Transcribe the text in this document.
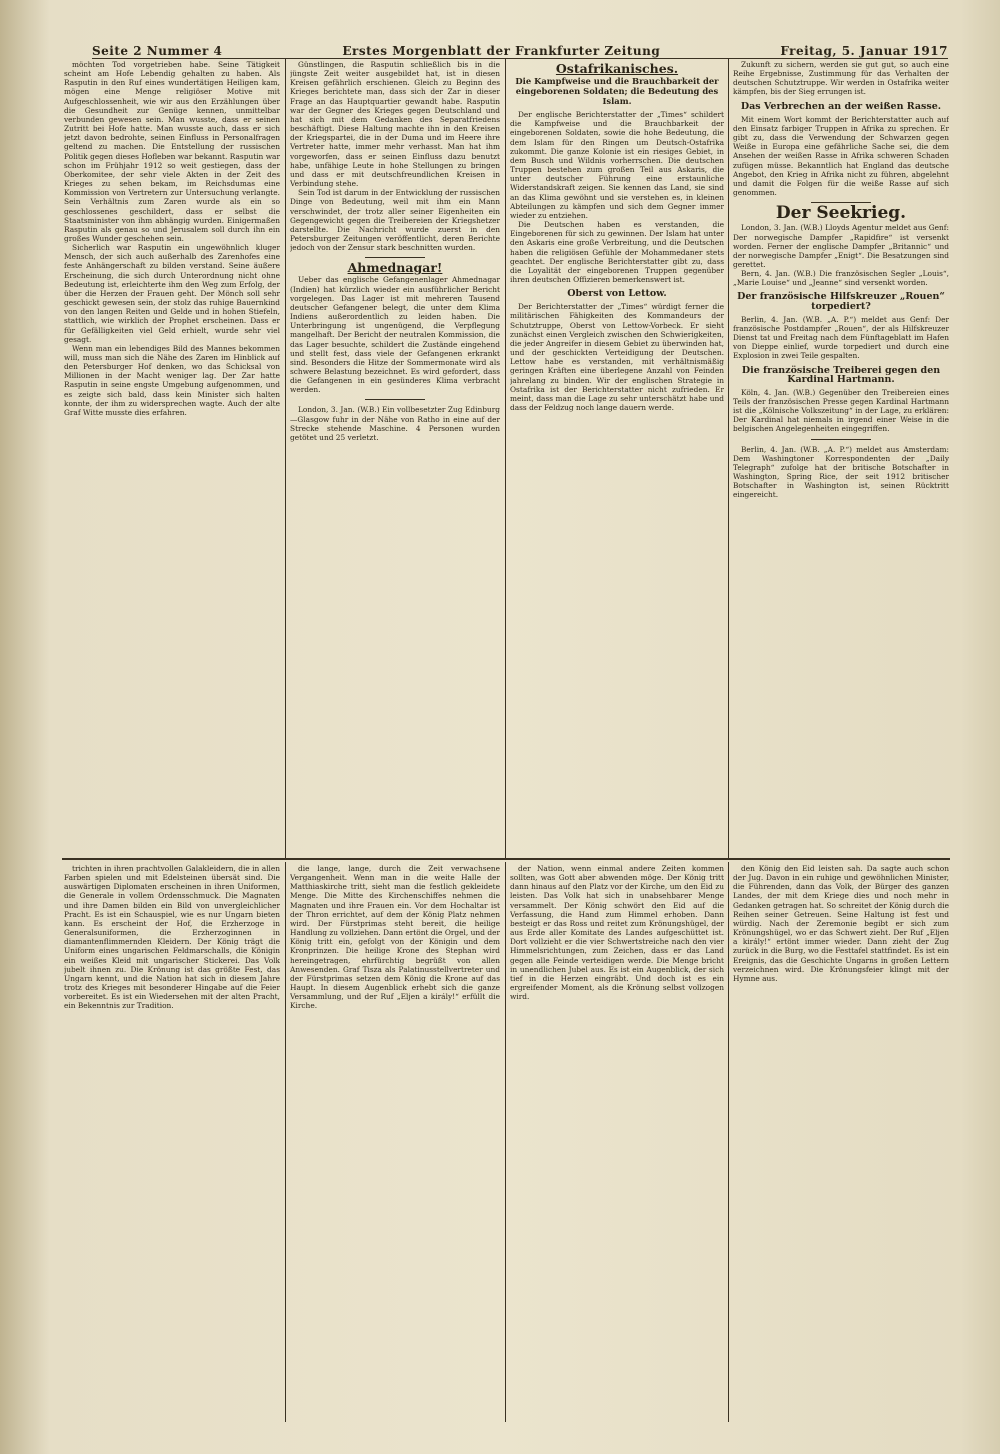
Seite 2 Nummer 4	Erstes Morgenblatt der Frankfurter Zeitung	Freitag, 5. Januar 1917

möchten Tod vorgetrieben habe. Seine Tätigkeit scheint am Hofe Lebendig gehalten zu haben. Als Rasputin in den Ruf eines wundertätigen Heiligen kam, mögen eine Menge religiöser Motive mit Aufgeschlossenheit, wie wir aus den Erzählungen über die Gesundheit zur Genüge kennen, unmittelbar verbunden gewesen sein. Man wusste, dass er seinen Zutritt bei Hofe hatte. Man wusste auch, dass er sich jetzt davon bedrohte, seinen Einfluss in Personalfragen geltend zu machen. Die Entstellung der russischen Politik gegen dieses Hofleben war bekannt. Rasputin war schon im Frühjahr 1912 so weit gestiegen, dass der Oberkomitee, der sehr viele Akten in der Zeit des Krieges zu sehen bekam, im Reichsdumas eine Kommission von Vertretern zur Untersuchung verlangte. Sein Verhältnis zum Zaren wurde als ein so geschlossenes geschildert, dass er selbst die Staatsminister von ihm abhängig wurden. Einigermaßen Rasputin als genau so und Jerusalem soll durch ihn ein großes Wunder geschehen sein.

Sicherlich war Rasputin ein ungewöhnlich kluger Mensch, der sich auch außerhalb des Zarenhofes eine feste Anhängerschaft zu bilden verstand. Seine äußere Erscheinung, die sich durch Unterordnung nicht ohne Bedeutung ist, erleichterte ihm den Weg zum Erfolg, der über die Herzen der Frauen geht. Der Mönch soll sehr geschickt gewesen sein, der stolz das ruhige Bauernkind von den langen Reiten und Gelde und in hohen Stiefeln, stattlich, wie wirklich der Prophet erscheinen. Dass er für Gefälligkeiten viel Geld erhielt, wurde sehr viel gesagt.

Wenn man ein lebendiges Bild des Mannes bekommen will, muss man sich die Nähe des Zaren im Hinblick auf den Petersburger Hof denken, wo das Schicksal von Millionen in der Macht weniger lag. Der Zar hatte Rasputin in seine engste Umgebung aufgenommen, und es zeigte sich bald, dass kein Minister sich halten konnte, der ihm zu widersprechen wagte. Auch der alte Graf Witte musste dies erfahren.

Günstlingen, die Rasputin schließlich bis in die jüngste Zeit weiter ausgebildet hat, ist in diesen Kreisen gefährlich erschienen. Gleich zu Beginn des Krieges berichtete man, dass sich der Zar in dieser Frage an das Hauptquartier gewandt habe. Rasputin war der Gegner des Krieges gegen Deutschland und hat sich mit dem Gedanken des Separatfriedens beschäftigt. Diese Haltung machte ihn in den Kreisen der Kriegspartei, die in der Duma und im Heere ihre Vertreter hatte, immer mehr verhasst. Man hat ihm vorgeworfen, dass er seinen Einfluss dazu benutzt habe, unfähige Leute in hohe Stellungen zu bringen und dass er mit deutschfreundlichen Kreisen in Verbindung stehe.

Sein Tod ist darum in der Entwicklung der russischen Dinge von Bedeutung, weil mit ihm ein Mann verschwindet, der trotz aller seiner Eigenheiten ein Gegengewicht gegen die Treibereien der Kriegshetzer darstellte. Die Nachricht wurde zuerst in den Petersburger Zeitungen veröffentlicht, deren Berichte jedoch von der Zensur stark beschnitten wurden.

Ahmednagar!

Ueber das englische Gefangenenlager Ahmednagar (Indien) hat kürzlich wieder ein ausführlicher Bericht vorgelegen. Das Lager ist mit mehreren Tausend deutscher Gefangener belegt, die unter dem Klima Indiens außerordentlich zu leiden haben. Die Unterbringung ist ungenügend, die Verpflegung mangelhaft. Der Bericht der neutralen Kommission, die das Lager besuchte, schildert die Zustände eingehend und stellt fest, dass viele der Gefangenen erkrankt sind. Besonders die Hitze der Sommermonate wird als schwere Belastung bezeichnet. Es wird gefordert, dass die Gefangenen in ein gesünderes Klima verbracht werden.

London, 3. Jan. (W.B.) Ein vollbesetzter Zug Edinburg—Glasgow fuhr in der Nähe von Ratho in eine auf der Strecke stehende Maschine. 4 Personen wurden getötet und 25 verletzt.

Ostafrikanisches.
Die Kampfweise und die Brauchbarkeit der eingeborenen Soldaten; die Bedeutung des Islam.

Der englische Berichterstatter der „Times“ schildert die Kampfweise und die Brauchbarkeit der eingeborenen Soldaten, sowie die hohe Bedeutung, die dem Islam für den Ringen um Deutsch-Ostafrika zukommt. Die ganze Kolonie ist ein riesiges Gebiet, in dem Busch und Wildnis vorherrschen. Die deutschen Truppen bestehen zum großen Teil aus Askaris, die unter deutscher Führung eine erstaunliche Widerstandskraft zeigen. Sie kennen das Land, sie sind an das Klima gewöhnt und sie verstehen es, in kleinen Abteilungen zu kämpfen und sich dem Gegner immer wieder zu entziehen.

Die Deutschen haben es verstanden, die Eingeborenen für sich zu gewinnen. Der Islam hat unter den Askaris eine große Verbreitung, und die Deutschen haben die religiösen Gefühle der Mohammedaner stets geachtet. Der englische Berichterstatter gibt zu, dass die Loyalität der eingeborenen Truppen gegenüber ihren deutschen Offizieren bemerkenswert ist.

Oberst von Lettow.

Der Berichterstatter der „Times“ würdigt ferner die militärischen Fähigkeiten des Kommandeurs der Schutztruppe, Oberst von Lettow-Vorbeck. Er sieht zunächst einen Vergleich zwischen den Schwierigkeiten, die jeder Angreifer in diesem Gebiet zu überwinden hat, und der geschickten Verteidigung der Deutschen. Lettow habe es verstanden, mit verhältnismäßig geringen Kräften eine überlegene Anzahl von Feinden jahrelang zu binden. Wir der englischen Strategie in Ostafrika ist der Berichterstatter nicht zufrieden. Er meint, dass man die Lage zu sehr unterschätzt habe und dass der Feldzug noch lange dauern werde.

Zukunft zu sichern, werden sie gut gut, so auch eine Reihe Ergebnisse, Zustimmung für das Verhalten der deutschen Schutztruppe. Wir werden in Ostafrika weiter kämpfen, bis der Sieg errungen ist.

Das Verbrechen an der weißen Rasse.

Mit einem Wort kommt der Berichterstatter auch auf den Einsatz farbiger Truppen in Afrika zu sprechen. Er gibt zu, dass die Verwendung der Schwarzen gegen Weiße in Europa eine gefährliche Sache sei, die dem Ansehen der weißen Rasse in Afrika schweren Schaden zufügen müsse. Bekanntlich hat England das deutsche Angebot, den Krieg in Afrika nicht zu führen, abgelehnt und damit die Folgen für die weiße Rasse auf sich genommen.

Der Seekrieg.

London, 3. Jan. (W.B.) Lloyds Agentur meldet aus Genf: Der norwegische Dampfer „Rapidfire“ ist versenkt worden. Ferner der englische Dampfer „Britannic“ und der norwegische Dampfer „Enigt“. Die Besatzungen sind gerettet.

Bern, 4. Jan. (W.B.) Die französischen Segler „Louis“, „Marie Louise“ und „Jeanne“ sind versenkt worden.

Der französische Hilfskreuzer „Rouen“ torpediert?

Berlin, 4. Jan. (W.B. „A. P.“) meldet aus Genf: Der französische Postdampfer „Rouen“, der als Hilfskreuzer Dienst tat und Freitag nach dem Fünftageblatt im Hafen von Dieppe einlief, wurde torpediert und durch eine Explosion in zwei Teile gespalten.

Die französische Treiberei gegen den Kardinal Hartmann.

Köln, 4. Jan. (W.B.) Gegenüber den Treibereien eines Teils der französischen Presse gegen Kardinal Hartmann ist die „Kölnische Volkszeitung“ in der Lage, zu erklären: Der Kardinal hat niemals in irgend einer Weise in die belgischen Angelegenheiten eingegriffen.

Berlin, 4. Jan. (W.B. „A. P.“) meldet aus Amsterdam: Dem Washingtoner Korrespondenten der „Daily Telegraph“ zufolge hat der britische Botschafter in Washington, Spring Rice, der seit 1912 britischer Botschafter in Washington ist, seinen Rücktritt eingereicht.

trichten in ihren prachtvollen Galakleidern, die in allen Farben spielen und mit Edelsteinen übersät sind. Die auswärtigen Diplomaten erscheinen in ihren Uniformen, die Generale in vollem Ordensschmuck. Die Magnaten und ihre Damen bilden ein Bild von unvergleichlicher Pracht. Es ist ein Schauspiel, wie es nur Ungarn bieten kann. Es erscheint der Hof, die Erzherzoge in Generalsuniformen, die Erzherzoginnen in diamantenflimmernden Kleidern. Der König trägt die Uniform eines ungarischen Feldmarschalls, die Königin ein weißes Kleid mit ungarischer Stickerei. Das Volk jubelt ihnen zu. Die Krönung ist das größte Fest, das Ungarn kennt, und die Nation hat sich in diesem Jahre trotz des Krieges mit besonderer Hingabe auf die Feier vorbereitet. Es ist ein Wiedersehen mit der alten Pracht, ein Bekenntnis zur Tradition.

die lange, lange, durch die Zeit verwachsene Vergangenheit. Wenn man in die weite Halle der Matthiaskirche tritt, sieht man die festlich gekleidete Menge. Die Mitte des Kirchenschiffes nehmen die Magnaten und ihre Frauen ein. Vor dem Hochaltar ist der Thron errichtet, auf dem der König Platz nehmen wird. Der Fürstprimas steht bereit, die heilige Handlung zu vollziehen. Dann ertönt die Orgel, und der König tritt ein, gefolgt von der Königin und dem Kronprinzen. Die heilige Krone des Stephan wird hereingetragen, ehrfürchtig begrüßt von allen Anwesenden. Graf Tisza als Palatinusstellvertreter und der Fürstprimas setzen dem König die Krone auf das Haupt. In diesem Augenblick erhebt sich die ganze Versammlung, und der Ruf „Eljen a király!“ erfüllt die Kirche.

der Nation, wenn einmal andere Zeiten kommen sollten, was Gott aber abwenden möge. Der König tritt dann hinaus auf den Platz vor der Kirche, um den Eid zu leisten. Das Volk hat sich in unabsehbarer Menge versammelt. Der König schwört den Eid auf die Verfassung, die Hand zum Himmel erhoben. Dann besteigt er das Ross und reitet zum Krönungshügel, der aus Erde aller Komitate des Landes aufgeschüttet ist. Dort vollzieht er die vier Schwertstreiche nach den vier Himmelsrichtungen, zum Zeichen, dass er das Land gegen alle Feinde verteidigen werde. Die Menge bricht in unendlichen Jubel aus. Es ist ein Augenblick, der sich tief in die Herzen eingräbt. Und doch ist es ein ergreifender Moment, als die Krönung selbst vollzogen wird.

den König den Eid leisten sah. Da sagte auch schon der Jug. Davon in ein ruhige und gewöhnlichen Minister, die Führenden, dann das Volk, der Bürger des ganzen Landes, der mit dem Kriege dies und noch mehr in Gedanken getragen hat. So schreitet der König durch die Reihen seiner Getreuen. Seine Haltung ist fest und würdig. Nach der Zeremonie begibt er sich zum Krönungshügel, wo er das Schwert zieht. Der Ruf „Eljen a király!“ ertönt immer wieder. Dann zieht der Zug zurück in die Burg, wo die Festtafel stattfindet. Es ist ein Ereignis, das die Geschichte Ungarns in großen Lettern verzeichnen wird. Die Krönungsfeier klingt mit der Hymne aus.
